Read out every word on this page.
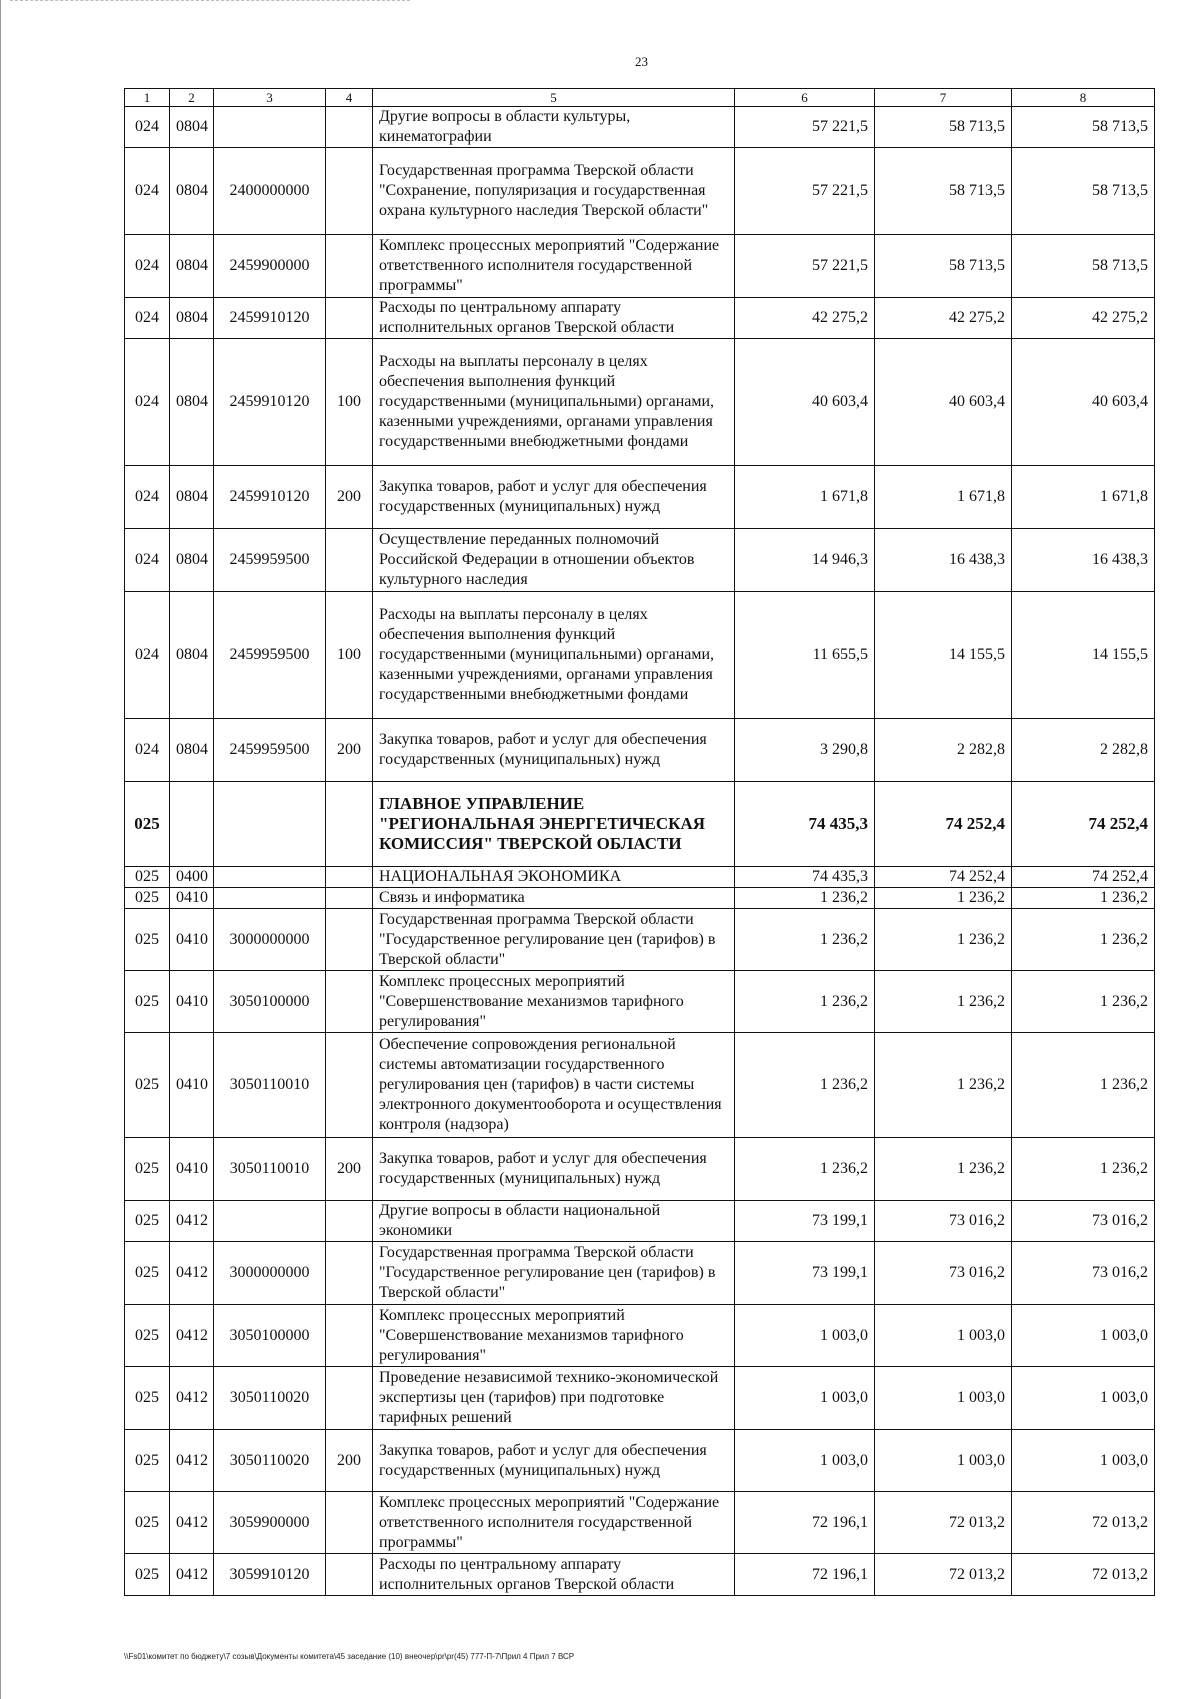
23
1	2	3	4	5	6	7	8
024	0804			Другие вопросы в области культуры, кинематографии	57 221,5	58 713,5	58 713,5
024	0804	2400000000		Государственная программа Тверской области "Сохранение, популяризация и государственная охрана культурного наследия Тверской области"	57 221,5	58 713,5	58 713,5
024	0804	2459900000		Комплекс процессных мероприятий "Содержание ответственного исполнителя государственной программы"	57 221,5	58 713,5	58 713,5
024	0804	2459910120		Расходы по центральному аппарату исполнительных органов Тверской области	42 275,2	42 275,2	42 275,2
024	0804	2459910120	100	Расходы на выплаты персоналу в целях обеспечения выполнения функций государственными (муниципальными) органами, казенными учреждениями, органами управления государственными внебюджетными фондами	40 603,4	40 603,4	40 603,4
024	0804	2459910120	200	Закупка товаров, работ и услуг для обеспечения государственных (муниципальных) нужд	1 671,8	1 671,8	1 671,8
024	0804	2459959500		Осуществление переданных полномочий Российской Федерации в отношении объектов культурного наследия	14 946,3	16 438,3	16 438,3
024	0804	2459959500	100	Расходы на выплаты персоналу в целях обеспечения выполнения функций государственными (муниципальными) органами, казенными учреждениями, органами управления государственными внебюджетными фондами	11 655,5	14 155,5	14 155,5
024	0804	2459959500	200	Закупка товаров, работ и услуг для обеспечения государственных (муниципальных) нужд	3 290,8	2 282,8	2 282,8
025				ГЛАВНОЕ УПРАВЛЕНИЕ "РЕГИОНАЛЬНАЯ ЭНЕРГЕТИЧЕСКАЯ КОМИССИЯ" ТВЕРСКОЙ ОБЛАСТИ	74 435,3	74 252,4	74 252,4
025	0400			НАЦИОНАЛЬНАЯ ЭКОНОМИКА	74 435,3	74 252,4	74 252,4
025	0410			Связь и информатика	1 236,2	1 236,2	1 236,2
025	0410	3000000000		Государственная программа Тверской области "Государственное регулирование цен (тарифов) в Тверской области"	1 236,2	1 236,2	1 236,2
025	0410	3050100000		Комплекс процессных мероприятий "Совершенствование механизмов тарифного регулирования"	1 236,2	1 236,2	1 236,2
025	0410	3050110010		Обеспечение сопровождения региональной системы автоматизации государственного регулирования цен (тарифов) в части системы электронного документооборота и осуществления контроля (надзора)	1 236,2	1 236,2	1 236,2
025	0410	3050110010	200	Закупка товаров, работ и услуг для обеспечения государственных (муниципальных) нужд	1 236,2	1 236,2	1 236,2
025	0412			Другие вопросы в области национальной экономики	73 199,1	73 016,2	73 016,2
025	0412	3000000000		Государственная программа Тверской области "Государственное регулирование цен (тарифов) в Тверской области"	73 199,1	73 016,2	73 016,2
025	0412	3050100000		Комплекс процессных мероприятий "Совершенствование механизмов тарифного регулирования"	1 003,0	1 003,0	1 003,0
025	0412	3050110020		Проведение независимой технико-экономической экспертизы цен (тарифов) при подготовке тарифных решений	1 003,0	1 003,0	1 003,0
025	0412	3050110020	200	Закупка товаров, работ и услуг для обеспечения государственных (муниципальных) нужд	1 003,0	1 003,0	1 003,0
025	0412	3059900000		Комплекс процессных мероприятий "Содержание ответственного исполнителя государственной программы"	72 196,1	72 013,2	72 013,2
025	0412	3059910120		Расходы по центральному аппарату исполнительных органов Тверской области	72 196,1	72 013,2	72 013,2
\\Fs01\комитет по бюджету\7 созыв\Документы комитета\45 заседание (10) внеочер\pr\pr(45) 777-П-7\Прил 4 Прил 7 ВСР
